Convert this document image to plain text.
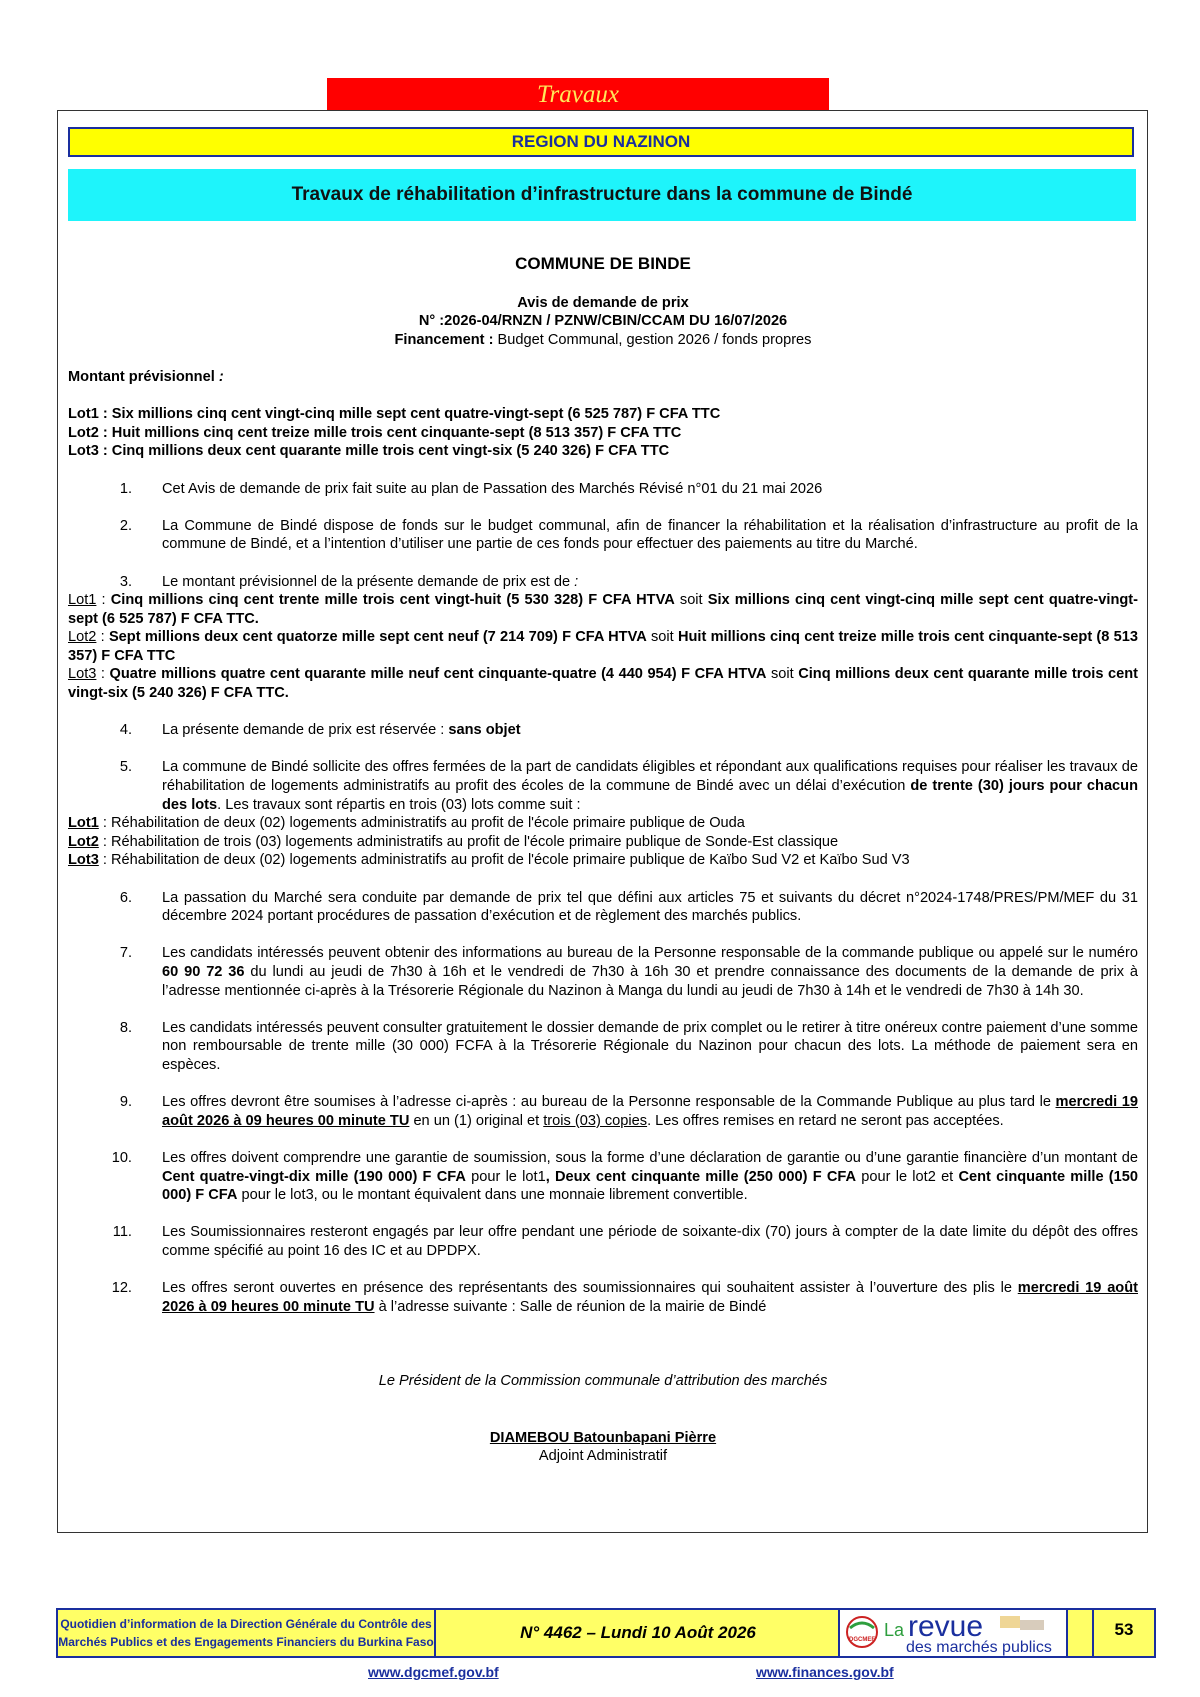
Travaux
REGION DU NAZINON
Travaux de réhabilitation d’infrastructure dans la commune de Bindé

COMMUNE DE BINDE

Avis de demande de prix

N° :2026-04/RNZN / PZNW/CBIN/CCAM DU 16/07/2026

Financement : Budget Communal, gestion 2026 / fonds propres

Montant prévisionnel :

Lot1 : Six millions cinq cent vingt-cinq mille sept cent quatre-vingt-sept (6 525 787) F CFA TTC

Lot2 : Huit millions cinq cent treize mille trois cent cinquante-sept (8 513 357) F CFA TTC

Lot3 : Cinq millions deux cent quarante mille trois cent vingt-six (5 240 326) F CFA TTC

1.	Cet Avis de demande de prix fait suite au plan de Passation des Marchés Révisé n°01 du 21 mai 2026
2.	La Commune de Bindé dispose de fonds sur le budget communal, afin de financer la réhabilitation et la réalisation d’infrastructure au profit de la commune de Bindé, et a l’intention d’utiliser une partie de ces fonds pour effectuer des paiements au titre du Marché.
3.	Le montant prévisionnel de la présente demande de prix est de :

Lot1 : Cinq millions cinq cent trente mille trois cent vingt-huit (5 530 328) F CFA HTVA soit Six millions cinq cent vingt-cinq mille sept cent quatre-vingt-sept (6 525 787) F CFA TTC.

Lot2 : Sept millions deux cent quatorze mille sept cent neuf (7 214 709) F CFA HTVA soit Huit millions cinq cent treize mille trois cent cinquante-sept (8 513 357) F CFA TTC

Lot3 : Quatre millions quatre cent quarante mille neuf cent cinquante-quatre (4 440 954) F CFA HTVA soit Cinq millions deux cent quarante mille trois cent vingt-six (5 240 326) F CFA TTC.

4.	La présente demande de prix est réservée : sans objet
5.	La commune de Bindé sollicite des offres fermées de la part de candidats éligibles et répondant aux qualifications requises pour réaliser les travaux de réhabilitation de logements administratifs au profit des écoles de la commune de Bindé avec un délai d’exécution de trente (30) jours pour chacun des lots. Les travaux sont répartis en trois (03) lots comme suit :

Lot1 : Réhabilitation de deux (02) logements administratifs au profit de l'école primaire publique de Ouda

Lot2 : Réhabilitation de trois (03) logements administratifs au profit de l'école primaire publique de Sonde-Est classique

Lot3 : Réhabilitation de deux (02) logements administratifs au profit de l'école primaire publique de Kaïbo Sud V2 et Kaïbo Sud V3

6.	La passation du Marché sera conduite par demande de prix tel que défini aux articles 75 et suivants du décret n°2024-1748/PRES/PM/MEF du 31 décembre 2024 portant procédures de passation d’exécution et de règlement des marchés publics.
7.	Les candidats intéressés peuvent obtenir des informations au bureau de la Personne responsable de la commande publique ou appelé sur le numéro 60 90 72 36 du lundi au jeudi de 7h30 à 16h et le vendredi de 7h30 à 16h 30 et prendre connaissance des documents de la demande de prix à l’adresse mentionnée ci-après à la Trésorerie Régionale du Nazinon à Manga du lundi au jeudi de 7h30 à 14h et le vendredi de 7h30 à 14h 30.
8.	Les candidats intéressés peuvent consulter gratuitement le dossier demande de prix complet ou le retirer à titre onéreux contre paiement d’une somme non remboursable de trente mille (30 000) FCFA à la Trésorerie Régionale du Nazinon pour chacun des lots. La méthode de paiement sera en espèces.
9.	Les offres devront être soumises à l’adresse ci-après : au bureau de la Personne responsable de la Commande Publique au plus tard le mercredi 19 août 2026 à 09 heures 00 minute TU en un (1) original et trois (03) copies. Les offres remises en retard ne seront pas acceptées.
10.	Les offres doivent comprendre une garantie de soumission, sous la forme d’une déclaration de garantie ou d’une garantie financière d’un montant de Cent quatre-vingt-dix mille (190 000) F CFA pour le lot1, Deux cent cinquante mille (250 000) F CFA pour le lot2 et Cent cinquante mille (150 000) F CFA pour le lot3, ou le montant équivalent dans une monnaie librement convertible.
11.	Les Soumissionnaires resteront engagés par leur offre pendant une période de soixante-dix (70) jours à compter de la date limite du dépôt des offres comme spécifié au point 16 des IC et au DPDPX.
12.	Les offres seront ouvertes en présence des représentants des soumissionnaires qui souhaitent assister à l’ouverture des plis le mercredi 19 août 2026 à 09 heures 00 minute TU à l’adresse suivante : Salle de réunion de la mairie de Bindé

Le Président de la Commission communale d’attribution des marchés

DIAMEBOU Batounbapani Pièrre

Adjoint Administratif

Quotidien d’information de la Direction Générale du Contrôle des
Marchés Publics et des Engagements Financiers du Burkina Faso	N° 4462 – Lundi 10 Août 2026	DGCMEF La revue
des marchés publics
53
www.dgcmef.gov.bf	www.finances.gov.bf
